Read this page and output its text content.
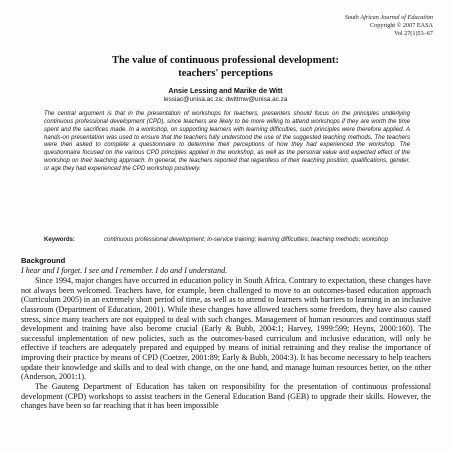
South African Journal of Education
Copyright © 2007 EASA
Vol 27(1)53–67
The value of continuous professional development:
teachers' perceptions
Ansie Lessing and Marike de Witt
lessiac@unisa.ac.za; dwittmw@unisa.ac.za
The central argument is that in the presentation of workshops for teachers, presenters should focus on the principles underlying continuous professional development (CPD), since teachers are likely to be more willing to attend workshops if they are worth the time spent and the sacrifices made. In a workshop, on supporting learners with learning difficulties, such principles were therefore applied. A hands-on presentation was used to ensure that the teachers fully understood the use of the suggested teaching methods. The teachers were then asked to complete a questionnaire to determine their perceptions of how they had experienced the workshop. The questionnaire focused on the various CPD principles applied in the workshop, as well as the personal value and expected effect of the workshop on their teaching approach. In general, the teachers reported that regardless of their teaching position, qualifications, gender, or age they had experienced the CPD workshop positively.
Keywords:	continuous professional development; in-service training; learning difficulties; teaching methods; workshop
Background
I hear and I forget. I see and I remember. I do and I understand.

Since 1994, major changes have occurred in education policy in South Africa. Contrary to expectation, these changes have not always been welcomed. Teachers have, for example, been challenged to move to an outcomes-based education approach (Curriculum 2005) in an extremely short period of time, as well as to attend to learners with barriers to learning in an inclusive classroom (Department of Education, 2001). While these changes have allowed teachers some freedom, they have also caused stress, since many teachers are not equipped to deal with such changes. Management of human resources and continuous staff development and training have also become crucial (Early & Bubb, 2004:1; Harvey, 1999:599; Heyns, 2000:160). The successful implementation of new policies, such as the outcomes-based curriculum and inclusive education, will only be effective if teachers are adequately prepared and equipped by means of initial retraining and they realise the importance of improving their practice by means of CPD (Coetzer, 2001:89; Early & Bubb, 2004:3). It has become necessary to help teachers update their knowledge and skills and to deal with change, on the one hand, and manage human resources better, on the other (Anderson, 2001:1).

The Gauteng Department of Education has taken on responsibility for the presentation of continuous professional development (CPD) workshops to assist teachers in the General Education Band (GEB) to upgrade their skills. However, the changes have been so far reaching that it has been impossible
